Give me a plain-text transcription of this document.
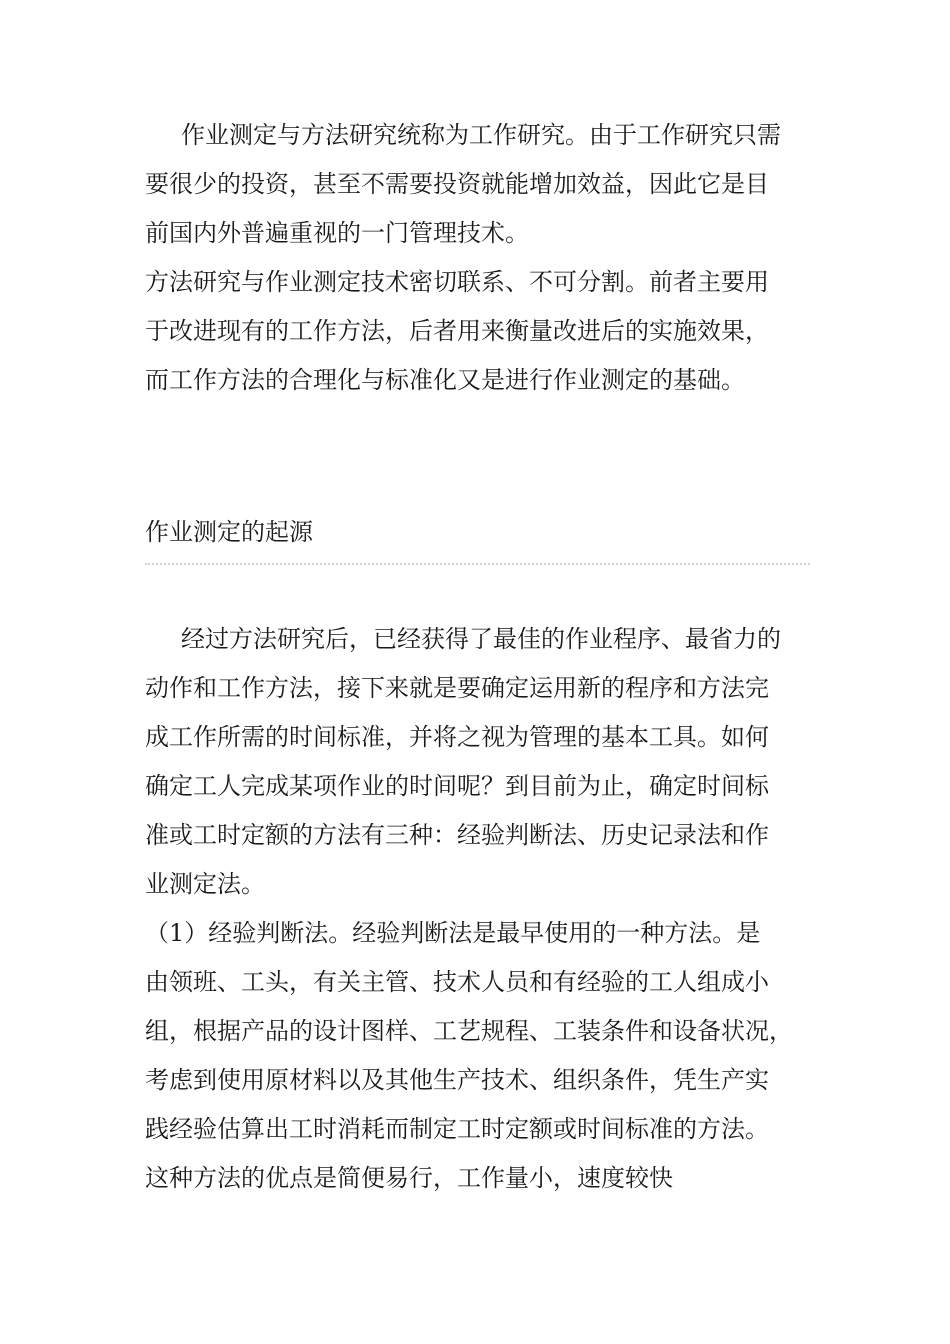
作业测定与方法研究统称为工作研究。由于工作研究只需
要很少的投资，甚至不需要投资就能增加效益，因此它是目
前国内外普遍重视的一门管理技术。
方法研究与作业测定技术密切联系、不可分割。前者主要用
于改进现有的工作方法，后者用来衡量改进后的实施效果，
而工作方法的合理化与标准化又是进行作业测定的基础。
作业测定的起源
经过方法研究后，已经获得了最佳的作业程序、最省力的
动作和工作方法，接下来就是要确定运用新的程序和方法完
成工作所需的时间标准，并将之视为管理的基本工具。如何
确定工人完成某项作业的时间呢？到目前为止，确定时间标
准或工时定额的方法有三种：经验判断法、历史记录法和作
业测定法。
（1）经验判断法。经验判断法是最早使用的一种方法。是
由领班、工头，有关主管、技术人员和有经验的工人组成小
组，根据产品的设计图样、工艺规程、工装条件和设备状况，
考虑到使用原材料以及其他生产技术、组织条件，凭生产实
践经验估算出工时消耗而制定工时定额或时间标准的方法。
这种方法的优点是简便易行，工作量小，速度较快
